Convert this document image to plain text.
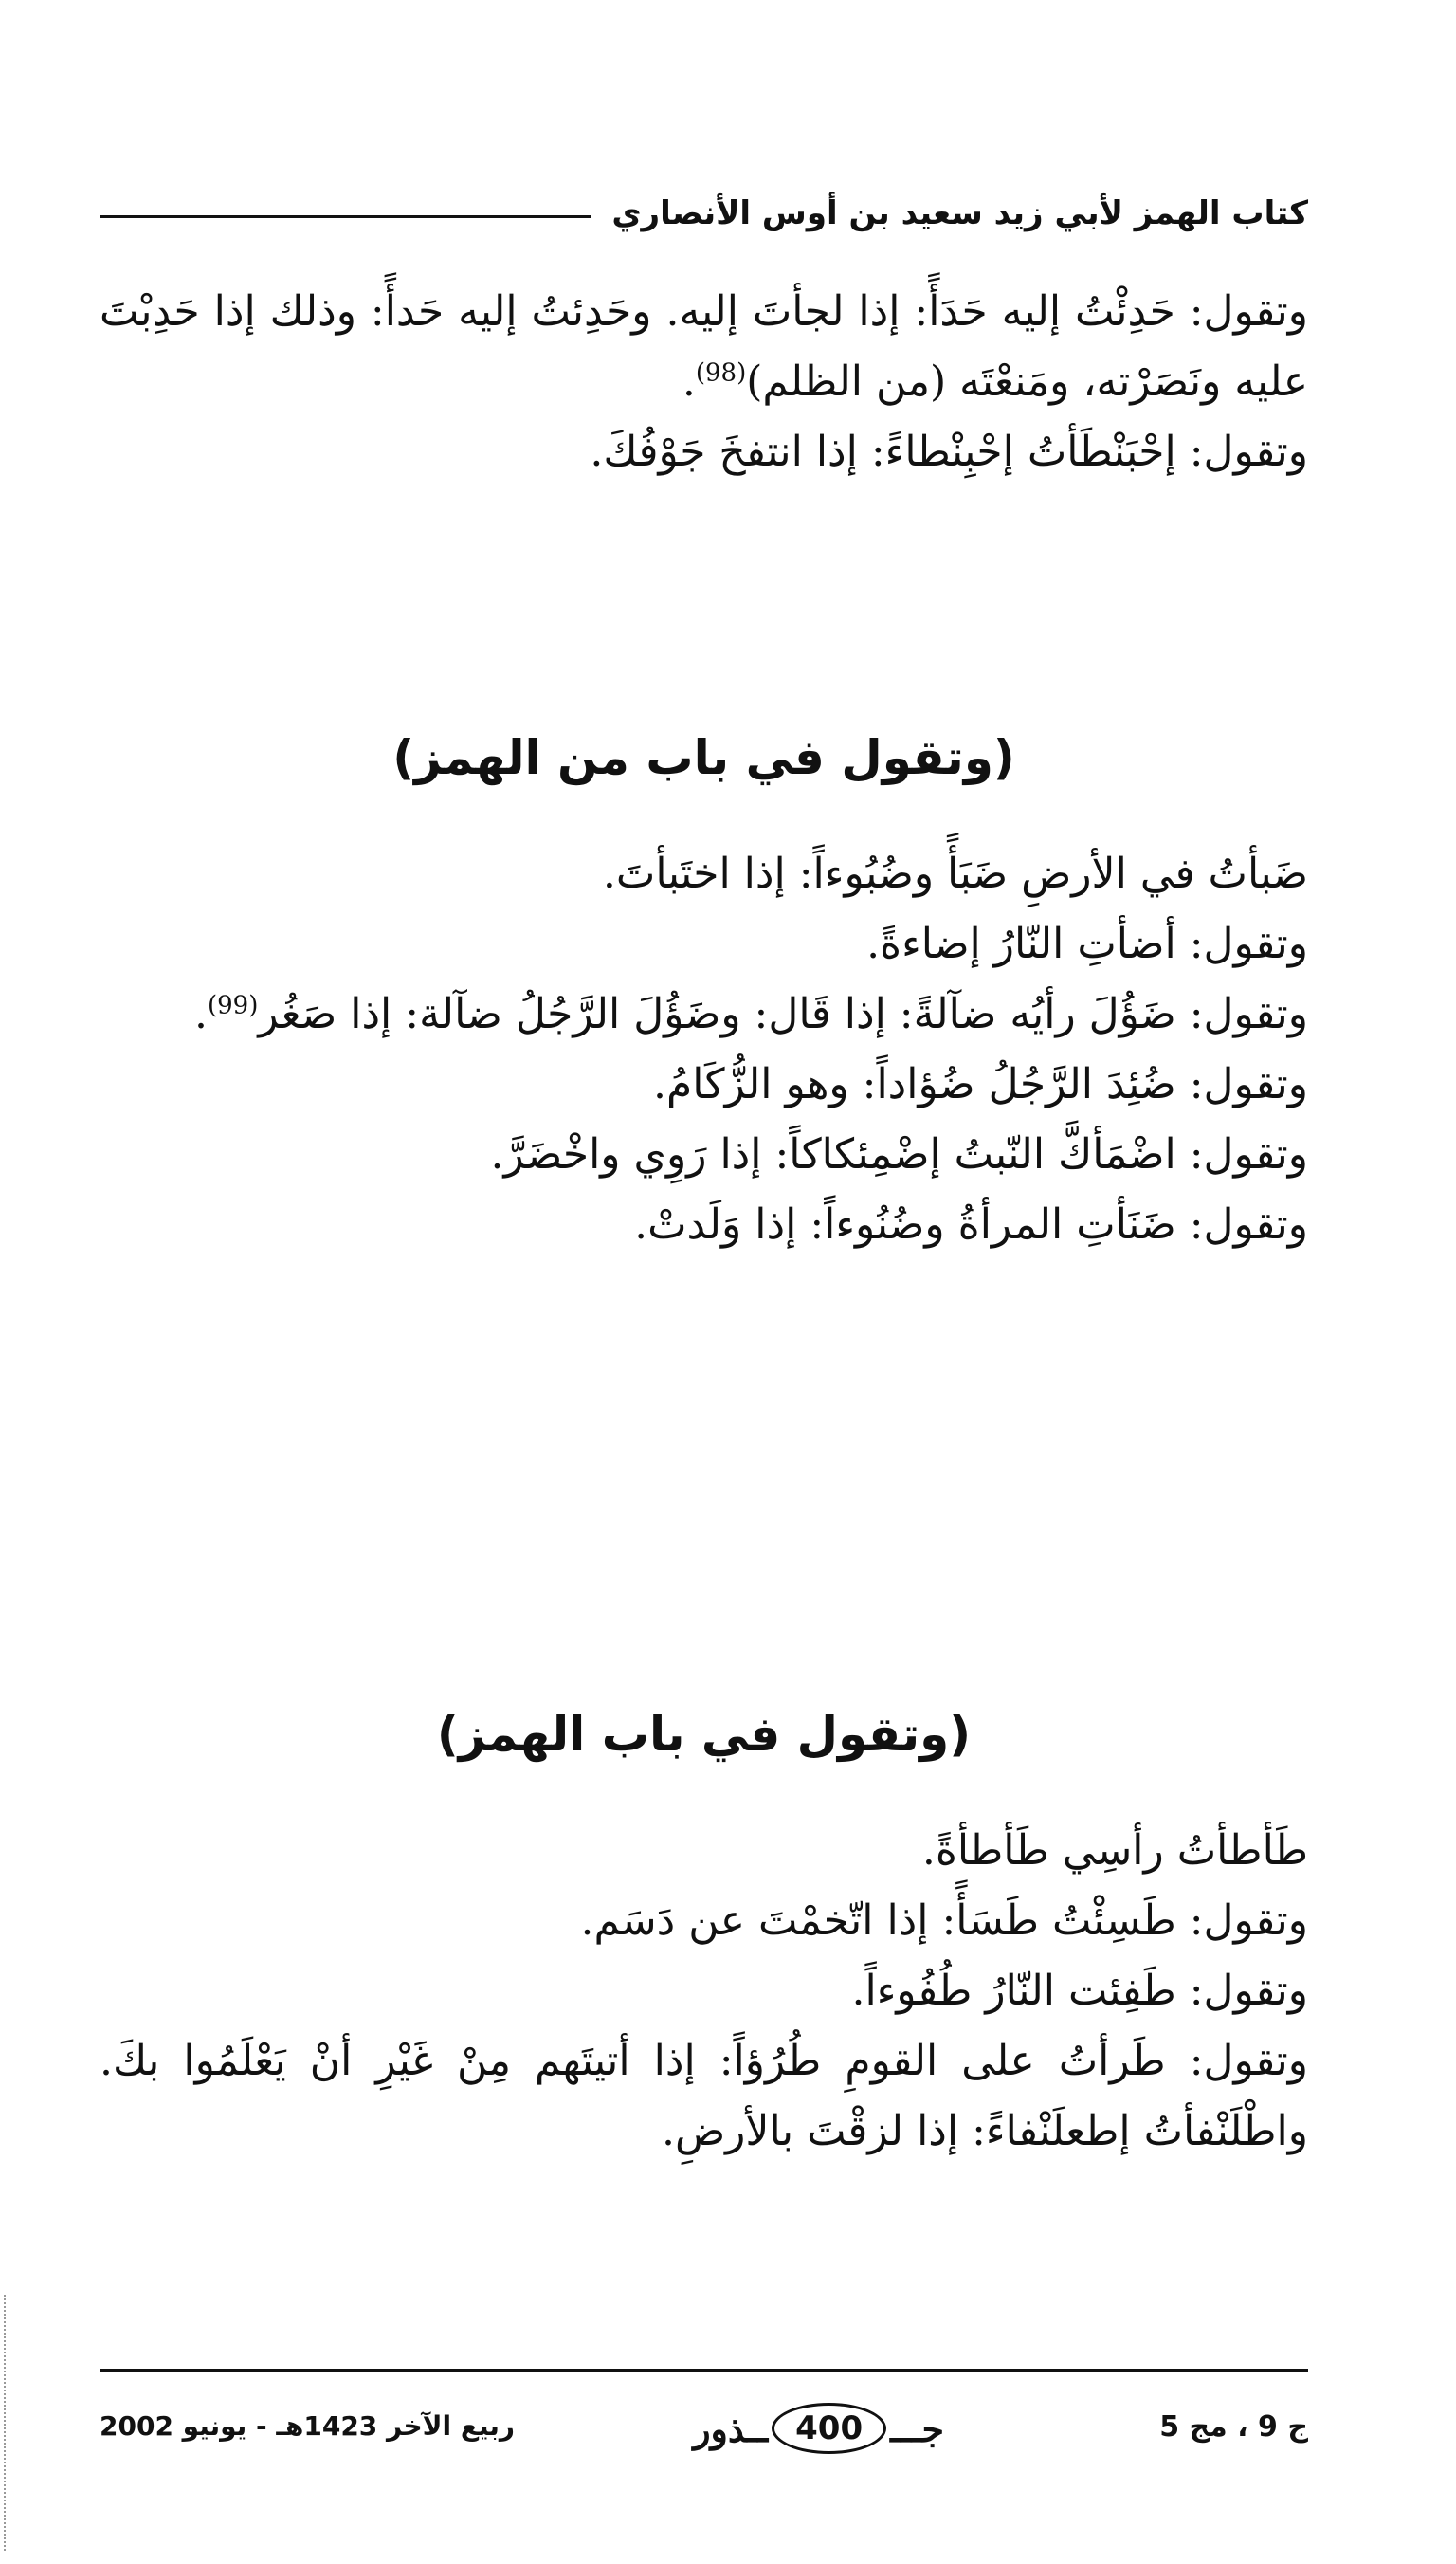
كتاب الهمز لأبي زيد سعيد بن أوس الأنصاري

وتقول: حَدِئْتُ إليه حَدَأً: إذا لجأتَ إليه. وحَدِئتُ إليه حَدأً: وذلك إذا حَدِبْتَ عليه ونَصَرْته، ومَنعْتَه (من الظلم)$^{(98)}$.

وتقول: إحْبَنْطَأتُ إحْبِنْطاءً: إذا انتفخَ جَوْفُكَ.

(وتقول في باب من الهمز)

ضَبأتُ في الأرضِ ضَبَأً وضُبُوءاً: إذا اختَبأتَ.

وتقول: أضأتِ النّارُ إضاءةً.

وتقول: ضَؤُلَ رأيُه ضآلةً: إذا قَال: وضَؤُلَ الرَّجُلُ ضآلة: إذا صَغُر$^{(99)}$.

وتقول: ضُئِدَ الرَّجُلُ ضُؤاداً: وهو الزُّكَامُ.

وتقول: اضْمَأكَّ النّبتُ إضْمِئكاكاً: إذا رَوِي واخْضَرَّ.

وتقول: ضَنَأتِ المرأةُ وضُنُوءاً: إذا وَلَدتْ.

(وتقول في باب الهمز)

طَأطأتُ رأسِي طَأطأةً.

وتقول: طَسِئْتُ طَسَأً: إذا اتّخمْتَ عن دَسَم.

وتقول: طَفِئت النّارُ طُفُوءاً.

وتقول: طَرأتُ على القومِ طُرُؤاً: إذا أتيتَهم مِنْ غَيْرِ أنْ يَعْلَمُوا بكَ. واطْلَنْفأتُ إطعلَنْفاءً: إذا لزقْتَ بالأرضِ.

ج 9 ، مج 5
جـــ
400
ــذور
ربيع الآخر 1423هـ - يونيو 2002
